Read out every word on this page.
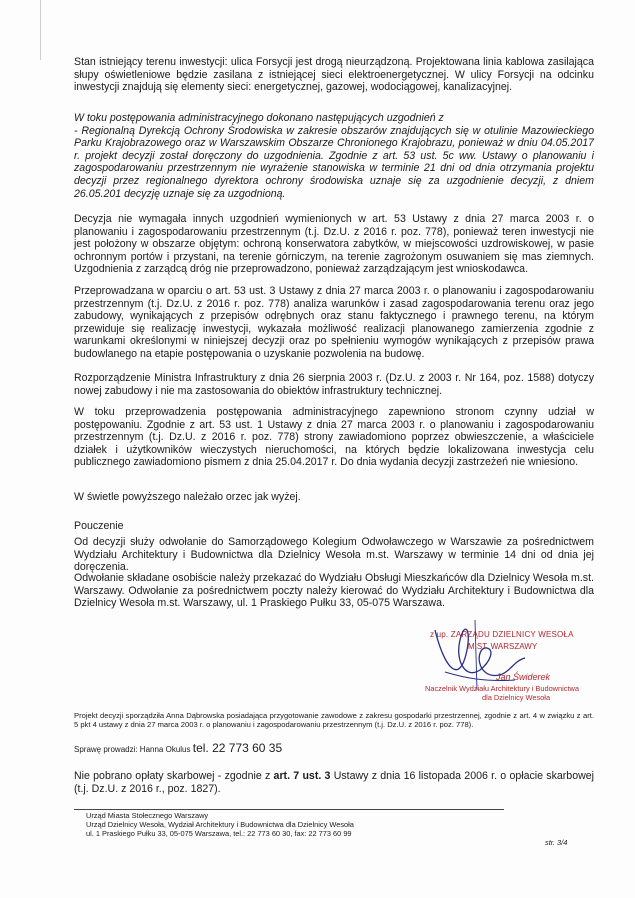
Stan istniejący terenu inwestycji: ulica Forsycji jest drogą nieurządzoną. Projektowana linia kablowa zasilająca słupy oświetleniowe będzie zasilana z istniejącej sieci elektroenergetycznej. W ulicy Forsycji na odcinku inwestycji znajdują się elementy sieci: energetycznej, gazowej, wodociągowej, kanalizacyjnej.

W toku postępowania administracyjnego dokonano następujących uzgodnień z
- Regionalną Dyrekcją Ochrony Środowiska w zakresie obszarów znajdujących się w otulinie Mazowieckiego Parku Krajobrazowego oraz w Warszawskim Obszarze Chronionego Krajobrazu, ponieważ w dniu 04.05.2017 r. projekt decyzji został doręczony do uzgodnienia. Zgodnie z art. 53 ust. 5c ww. Ustawy o planowaniu i zagospodarowaniu przestrzennym nie wyrażenie stanowiska w terminie 21 dni od dnia otrzymania projektu decyzji przez regionalnego dyrektora ochrony środowiska uznaje się za uzgodnienie decyzji, z dniem 26.05.201 decyzję uznaje się za uzgodnioną.

Decyzja nie wymagała innych uzgodnień wymienionych w art. 53 Ustawy z dnia 27 marca 2003 r. o planowaniu i zagospodarowaniu przestrzennym (t.j. Dz.U. z 2016 r. poz. 778), ponieważ teren inwestycji nie jest położony w obszarze objętym: ochroną konserwatora zabytków, w miejscowości uzdrowiskowej, w pasie ochronnym portów i przystani, na terenie górniczym, na terenie zagrożonym osuwaniem się mas ziemnych. Uzgodnienia z zarządcą dróg nie przeprowadzono, ponieważ zarządzającym jest wnioskodawca.

Przeprowadzana w oparciu o art. 53 ust. 3 Ustawy z dnia 27 marca 2003 r. o planowaniu i zagospodarowaniu przestrzennym (t.j. Dz.U. z 2016 r. poz. 778) analiza warunków i zasad zagospodarowania terenu oraz jego zabudowy, wynikających z przepisów odrębnych oraz stanu faktycznego i prawnego terenu, na którym przewiduje się realizację inwestycji, wykazała możliwość realizacji planowanego zamierzenia zgodnie z warunkami określonymi w niniejszej decyzji oraz po spełnieniu wymogów wynikających z przepisów prawa budowlanego na etapie postępowania o uzyskanie pozwolenia na budowę.

Rozporządzenie Ministra Infrastruktury z dnia 26 sierpnia 2003 r. (Dz.U. z 2003 r. Nr 164, poz. 1588) dotyczy nowej zabudowy i nie ma zastosowania do obiektów infrastruktury technicznej.

W toku przeprowadzenia postępowania administracyjnego zapewniono stronom czynny udział w postępowaniu. Zgodnie z art. 53 ust. 1 Ustawy z dnia 27 marca 2003 r. o planowaniu i zagospodarowaniu przestrzennym (t.j. Dz.U. z 2016 r. poz. 778) strony zawiadomiono poprzez obwieszczenie, a właściciele działek i użytkowników wieczystych nieruchomości, na których będzie lokalizowana inwestycja celu publicznego zawiadomiono pismem z dnia 25.04.2017 r. Do dnia wydania decyzji zastrzeżeń nie wniesiono.

W świetle powyższego należało orzec jak wyżej.

Pouczenie

Od decyzji służy odwołanie do Samorządowego Kolegium Odwoławczego w Warszawie za pośrednictwem Wydziału Architektury i Budownictwa dla Dzielnicy Wesoła m.st. Warszawy w terminie 14 dni od dnia jej doręczenia.

Odwołanie składane osobiście należy przekazać do Wydziału Obsługi Mieszkańców dla Dzielnicy Wesoła m.st. Warszawy. Odwołanie za pośrednictwem poczty należy kierować do Wydziału Architektury i Budownictwa dla Dzielnicy Wesoła m.st. Warszawy, ul. 1 Praskiego Pułku 33, 05-075 Warszawa.

Projekt decyzji sporządziła Anna Dąbrowska posiadająca przygotowanie zawodowe z zakresu gospodarki przestrzennej, zgodnie z art. 4 w związku z art. 5 pkt 4 ustawy z dnia 27 marca 2003 r. o planowaniu i zagospodarowaniu przestrzennym (t.j. Dz.U. z 2016 r. poz. 778).

Sprawę prowadzi: Hanna Okulus tel. 22 773 60 35

Nie pobrano opłaty skarbowej - zgodnie z art. 7 ust. 3 Ustawy z dnia 16 listopada 2006 r. o opłacie skarbowej (t.j. Dz.U. z 2016 r., poz. 1827).

z up. ZARZĄDU DZIELNICY WESOŁA
M.ST. WARSZAWY
Jan Świderek
Naczelnik Wydziału Architektury i Budownictwa
dla Dzielnicy Wesoła
Urząd Miasta Stołecznego Warszawy
Urząd Dzielnicy Wesoła, Wydział Architektury i Budownictwa dla Dzielnicy Wesoła
ul. 1 Praskiego Pułku 33, 05-075 Warszawa, tel.: 22 773 60 30, fax: 22 773 60 99
str. 3/4
